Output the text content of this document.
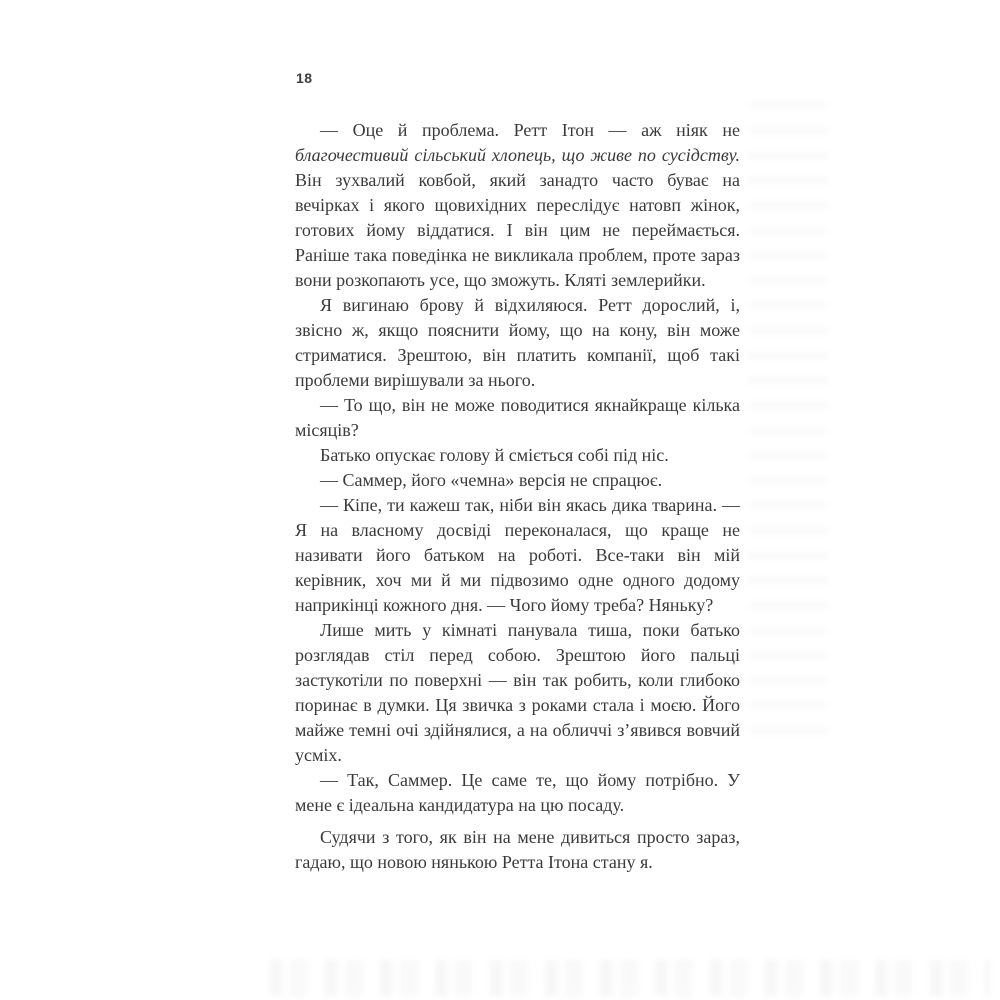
18

— Оце й проблема. Ретт Ітон — аж ніяк не благочестивий сільський хлопець, що живе по сусідству. Він зухвалий ковбой, який занадто часто буває на вечірках і якого щовихідних переслідує натовп жінок, готових йому віддатися. І він цим не переймається. Раніше така поведінка не викликала проблем, проте зараз вони розкопають усе, що зможуть. Кляті землерийки.

Я вигинаю брову й відхиляюся. Ретт дорослий, і, звісно ж, якщо пояснити йому, що на кону, він може стриматися. Зрештою, він платить компанії, щоб такі проблеми вирішували за нього.

— То що, він не може поводитися якнайкраще кілька місяців?

Батько опускає голову й сміється собі під ніс.

— Саммер, його «чемна» версія не спрацює.

— Кіпе, ти кажеш так, ніби він якась дика тварина. — Я на власному досвіді переконалася, що краще не називати його батьком на роботі. Все-таки він мій керівник, хоч ми й ми підвозимо одне одного додому наприкінці кожного дня. — Чого йому треба? Няньку?

Лише мить у кімнаті панувала тиша, поки батько розглядав стіл перед собою. Зрештою його пальці застукотіли по поверхні — він так робить, коли глибоко поринає в думки. Ця звичка з роками стала і моєю. Його майже темні очі здійнялися, а на обличчі з’явився вовчий усміх.

— Так, Саммер. Це саме те, що йому потрібно. У мене є ідеальна кандидатура на цю посаду.

Судячи з того, як він на мене дивиться просто зараз, гадаю, що новою нянькою Ретта Ітона стану я.
